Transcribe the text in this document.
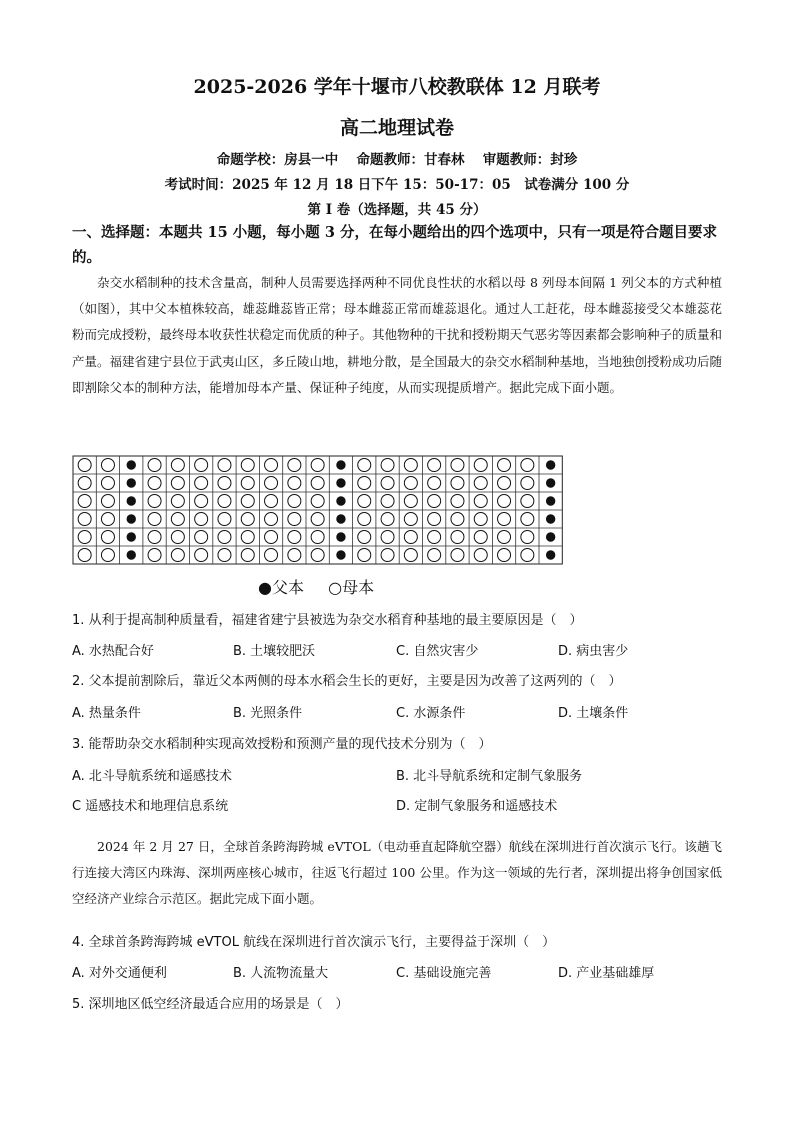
2025-2026 学年十堰市八校教联体 12 月联考
高二地理试卷
命题学校：房县一中　 命题教师：甘春林　 审题教师：封珍
考试时间：2025 年 12 月 18 日下午 15：50-17：05　试卷满分 100 分
第 I 卷（选择题，共 45 分）
一、选择题：本题共 15 小题，每小题 3 分，在每小题给出的四个选项中，只有一项是符合题目要求的。
杂交水稻制种的技术含量高，制种人员需要选择两种不同优良性状的水稻以母 8 列母本间隔 1 列父本的方式种植（如图），其中父本植株较高，雄蕊雌蕊皆正常；母本雌蕊正常而雄蕊退化。通过人工赶花，母本雌蕊接受父本雄蕊花粉而完成授粉，最终母本收获性状稳定而优质的种子。其他物种的干扰和授粉期天气恶劣等因素都会影响种子的质量和产量。福建省建宁县位于武夷山区，多丘陵山地，耕地分散，是全国最大的杂交水稻制种基地，当地独创授粉成功后随即割除父本的制种方法，能增加母本产量、保证种子纯度，从而实现提质增产。据此完成下面小题。
●父本 ○母本
1. 从利于提高制种质量看，福建省建宁县被选为杂交水稻育种基地的最主要原因是（　）
A. 水热配合好	B. 土壤较肥沃	C. 自然灾害少	D. 病虫害少
2. 父本提前割除后，靠近父本两侧的母本水稻会生长的更好，主要是因为改善了这两列的（　）
A. 热量条件	B. 光照条件	C. 水源条件	D. 土壤条件
3. 能帮助杂交水稻制种实现高效授粉和预测产量的现代技术分别为（　）
A. 北斗导航系统和遥感技术	B. 北斗导航系统和定制气象服务
C 遥感技术和地理信息系统	D. 定制气象服务和遥感技术
2024 年 2 月 27 日，全球首条跨海跨城 eVTOL（电动垂直起降航空器）航线在深圳进行首次演示飞行。该趟飞行连接大湾区内珠海、深圳两座核心城市，往返飞行超过 100 公里。作为这一领域的先行者，深圳提出将争创国家低空经济产业综合示范区。据此完成下面小题。
4. 全球首条跨海跨城 eVTOL 航线在深圳进行首次演示飞行，主要得益于深圳（　）
A. 对外交通便利	B. 人流物流量大	C. 基础设施完善	D. 产业基础雄厚
5. 深圳地区低空经济最适合应用的场景是（　）
